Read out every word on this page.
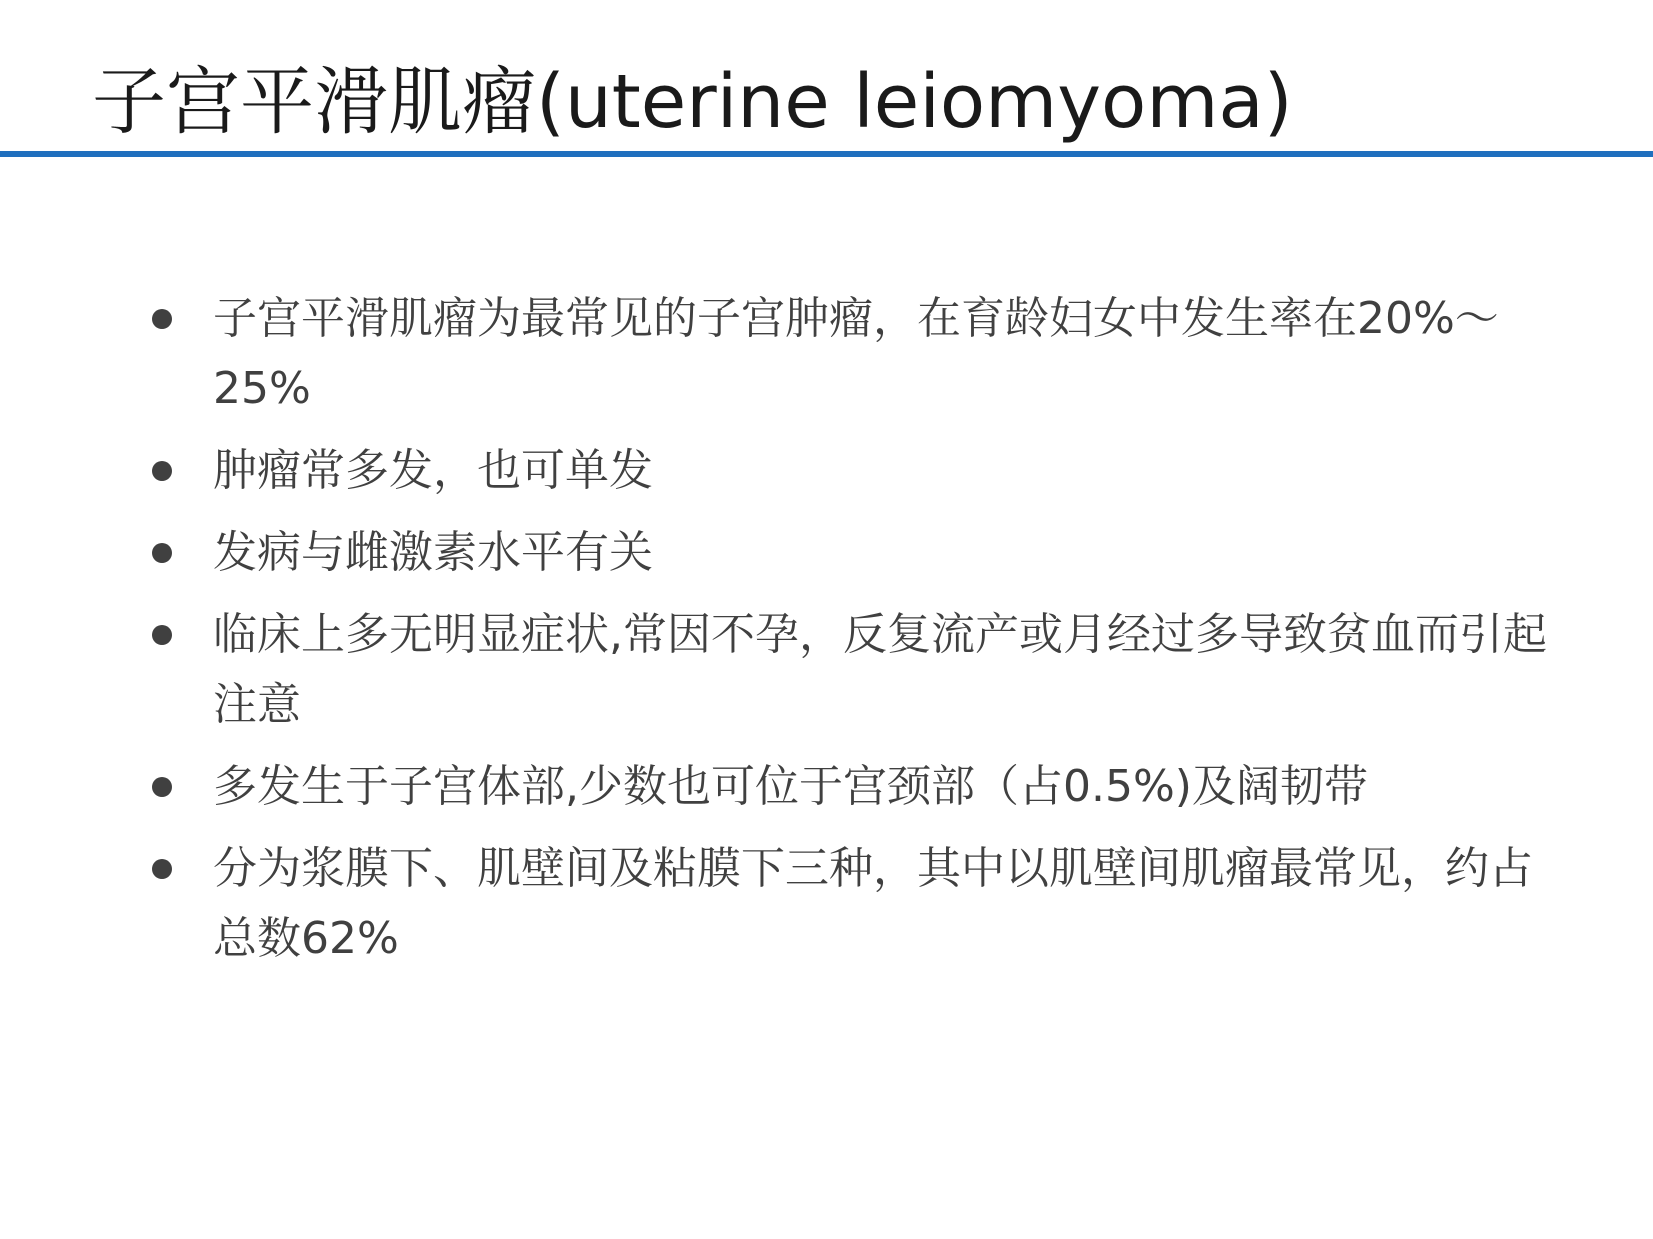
子宫平滑肌瘤(uterine leiomyoma)
子宫平滑肌瘤为最常见的子宫肿瘤，在育龄妇女中发生率在20%～25%
肿瘤常多发，也可单发
发病与雌激素水平有关
临床上多无明显症状,常因不孕，反复流产或月经过多导致贫血而引起注意
多发生于子宫体部,少数也可位于宫颈部（占0.5%)及阔韧带
分为浆膜下、肌壁间及粘膜下三种，其中以肌壁间肌瘤最常见，约占总数62%
